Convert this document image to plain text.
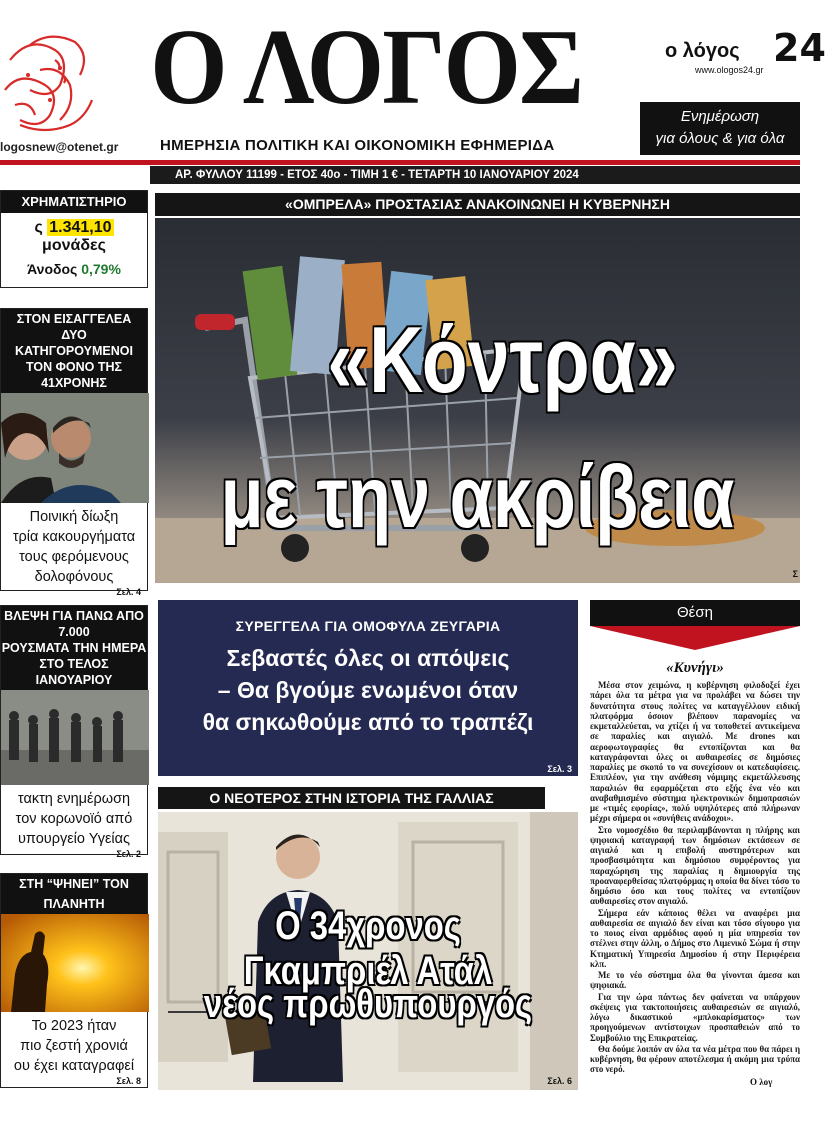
logosnew@otenet.gr
Ο ΛΟΓΟΣ
ΗΜΕΡΗΣΙΑ ΠΟΛΙΤΙΚΗ ΚΑΙ ΟΙΚΟΝΟΜΙΚΗ ΕΦΗΜΕΡΙΔΑ
ο λόγος 24
www.ologos24.gr
Ενημέρωση
για όλους & για όλα
ΑΡ. ΦΥΛΛΟΥ 11199 - ΕΤΟΣ 40ο - ΤΙΜΗ 1 € - ΤΕΤΑΡΤΗ 10 ΙΑΝΟΥΑΡΙΟΥ 2024
ΧΡΗΜΑΤΙΣΤΗΡΙΟ
ς 1.341,10 μονάδες
Άνοδος 0,79%
ΣΤΟΝ ΕΙΣΑΓΓΕΛΕΑ
ΔΥΟ ΚΑΤΗΓΟΡΟΥΜΕΝΟΙ
ΤΟΝ ΦΟΝΟ ΤΗΣ 41ΧΡΟΝΗΣ
Ποινική δίωξη
τρία κακουργήματα
τους φερόμενους
δολοφόνους
Σελ. 4
ΒΛΕΨΗ ΓΙΑ ΠΑΝΩ ΑΠΟ 7.000
ΡΟΥΣΜΑΤΑ ΤΗΝ ΗΜΕΡΑ
ΣΤΟ ΤΕΛΟΣ ΙΑΝΟΥΑΡΙΟΥ
τακτη ενημέρωση
τον κορωνοϊό από
υπουργείο Υγείας
Σελ. 2
ΣΤΗ “ΨΗΝΕΙ” ΤΟΝ ΠΛΑΝΗΤΗ
Το 2023 ήταν
πιο ζεστή χρονιά
ου έχει καταγραφεί
Σελ. 8
«ΟΜΠΡΕΛΑ» ΠΡΟΣΤΑΣΙΑΣ ΑΝΑΚΟΙΝΩΝΕΙ Η ΚΥΒΕΡΝΗΣΗ
«Κόντρα»
με την ακρίβεια
Σ
ΣΥΡΕΓΓΕΛΑ ΓΙΑ ΟΜΟΦΥΛΑ ΖΕΥΓΑΡΙΑ
Σεβαστές όλες οι απόψεις
– Θα βγούμε ενωμένοι όταν
θα σηκωθούμε από το τραπέζι
Σελ. 3
Ο ΝΕΟΤΕΡΟΣ ΣΤΗΝ ΙΣΤΟΡΙΑ ΤΗΣ ΓΑΛΛΙΑΣ
Ο 34χρονος Γκαμπριέλ Ατάλ
νέος πρωθυπουργός
Σελ. 6
Θέση
«Κυνήγι»

Μέσα στον χειμώνα, η κυβέρνηση φιλοδοξεί έχει πάρει όλα τα μέτρα για να προλάβει να δώσει την δυνατότητα στους πολίτες να καταγγέλλουν ειδική πλατφόρμα όσοιον βλέπουν παρανομίες να εκμεταλλεύεται, να χτίζει ή να τοποθετεί αντικείμενα σε παραλίες και αιγιαλό. Με drones και αεροφωτογραφίες θα εντοπίζονται και θα καταγράφονται όλες οι αυθαιρεσίες σε δημόσιες παραλίες με σκοπό το να συνεχίσουν οι κατεδαφίσεις. Επιπλέον, για την ανάθεση νόμιμης εκμετάλλευσης παραλιών θα εφαρμόζεται στο εξής ένα νέο και αναβαθμισμένο σύστημα ηλεκτρονικών δημοπρασιών με «τιμές εφορίας», πολύ υψηλότερες από πλήρωναν μέχρι σήμερα οι «συνήθεις ανάδοχοι».

Στο νομοσχέδιο θα περιλαμβάνονται η πλήρης και ψηφιακή καταγραφή των δημόσιων εκτάσεων σε αιγιαλό και η επιβολή αυστηρότερων και προσβασιμότητα και δημόσιου συμφέροντος για παραχώρηση της παραλίας η δημιουργία της προαναφερθείσας πλατφόρμας η οποία θα δίνει τόσο το δημόσιο όσο και τους πολίτες να εντοπίζουν αυθαιρεσίες στον αιγιαλό.

Σήμερα εάν κάποιος θέλει να αναφέρει μια αυθαιρεσία σε αιγιαλό δεν είναι και τόσο σίγουρο για το ποιος είναι αρμόδιος αφού η μία υπηρεσία τον στέλνει στην άλλη, ο Δήμος στο Λιμενικό Σώμα ή στην Κτηματική Υπηρεσία Δημοσίου ή στην Περιφέρεια κλπ.

Με το νέο σύστημα όλα θα γίνονται άμεσα και ψηφιακά.

Για την ώρα πάντως δεν φαίνεται να υπάρχουν σκέψεις για τακτοποιήσεις αυθαιρεσιών σε αιγιαλό, λόγω δικαστικού «μπλοκαρίσματος» των προηγούμενων αντίστοιχων προσπαθειών από το Συμβούλιο της Επικρατείας.

Θα δούμε λοιπόν αν όλα τα νέα μέτρα που θα πάρει η κυβέρνηση, θα φέρουν αποτέλεσμα ή ακόμη μια τρύπα στο νερό.

Ο λογ
